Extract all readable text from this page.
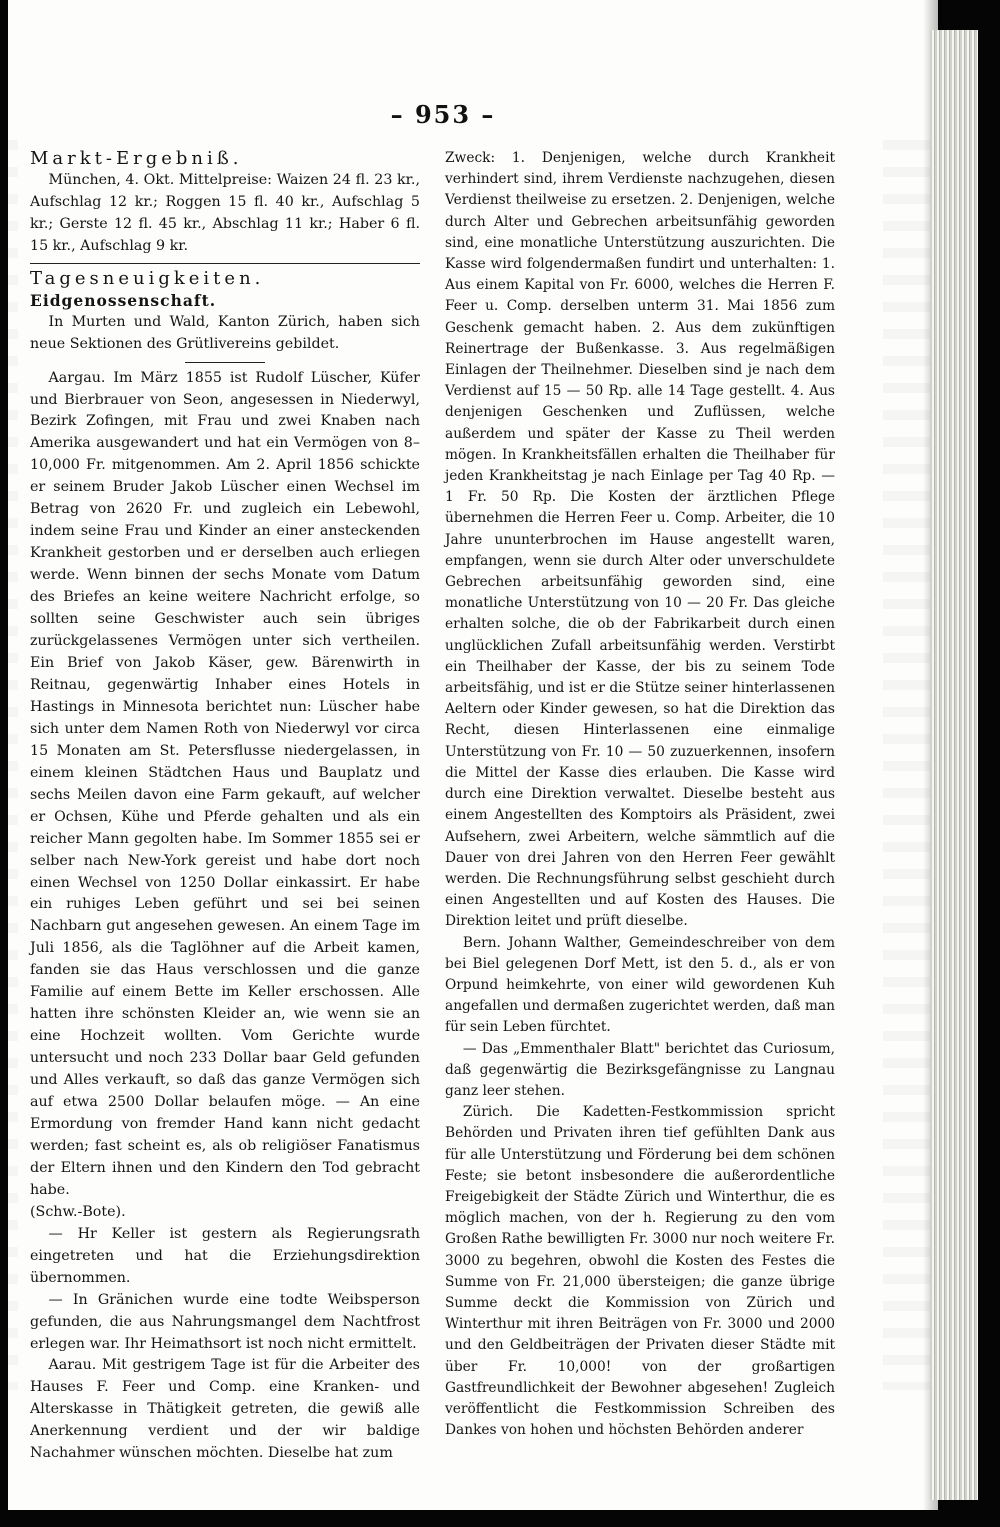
– 953 –

Markt-Ergebniß.

München, 4. Okt. Mittelpreise: Waizen 24 fl. 23 kr., Aufschlag 12 kr.; Roggen 15 fl. 40 kr., Aufschlag 5 kr.; Gerste 12 fl. 45 kr., Abschlag 11 kr.; Haber 6 fl. 15 kr., Aufschlag 9 kr.

Tagesneuigkeiten.

Eidgenossenschaft.

In Murten und Wald, Kanton Zürich, haben sich neue Sektionen des Grütlivereins gebildet.

Aargau. Im März 1855 ist Rudolf Lüscher, Küfer und Bierbrauer von Seon, angesessen in Niederwyl, Bezirk Zofingen, mit Frau und zwei Knaben nach Amerika ausgewandert und hat ein Vermögen von 8–10,000 Fr. mitgenommen. Am 2. April 1856 schickte er seinem Bruder Jakob Lüscher einen Wechsel im Betrag von 2620 Fr. und zugleich ein Lebewohl, indem seine Frau und Kinder an einer ansteckenden Krankheit gestorben und er derselben auch erliegen werde. Wenn binnen der sechs Monate vom Datum des Briefes an keine weitere Nachricht erfolge, so sollten seine Geschwister auch sein übriges zurückgelassenes Vermögen unter sich vertheilen. Ein Brief von Jakob Käser, gew. Bärenwirth in Reitnau, gegenwärtig Inhaber eines Hotels in Hastings in Minnesota berichtet nun: Lüscher habe sich unter dem Namen Roth von Niederwyl vor circa 15 Monaten am St. Petersflusse niedergelassen, in einem kleinen Städtchen Haus und Bauplatz und sechs Meilen davon eine Farm gekauft, auf welcher er Ochsen, Kühe und Pferde gehalten und als ein reicher Mann gegolten habe. Im Sommer 1855 sei er selber nach New-York gereist und habe dort noch einen Wechsel von 1250 Dollar einkassirt. Er habe ein ruhiges Leben geführt und sei bei seinen Nachbarn gut angesehen gewesen. An einem Tage im Juli 1856, als die Taglöhner auf die Arbeit kamen, fanden sie das Haus verschlossen und die ganze Familie auf einem Bette im Keller erschossen. Alle hatten ihre schönsten Kleider an, wie wenn sie an eine Hochzeit wollten. Vom Gerichte wurde untersucht und noch 233 Dollar baar Geld gefunden und Alles verkauft, so daß das ganze Vermögen sich auf etwa 2500 Dollar belaufen möge. — An eine Ermordung von fremder Hand kann nicht gedacht werden; fast scheint es, als ob religiöser Fanatismus der Eltern ihnen und den Kindern den Tod gebracht habe.

(Schw.-Bote).

— Hr Keller ist gestern als Regierungsrath eingetreten und hat die Erziehungsdirektion übernommen.

— In Gränichen wurde eine todte Weibsperson gefunden, die aus Nahrungsmangel dem Nachtfrost erlegen war. Ihr Heimathsort ist noch nicht ermittelt.

Aarau. Mit gestrigem Tage ist für die Arbeiter des Hauses F. Feer und Comp. eine Kranken- und Alterskasse in Thätigkeit getreten, die gewiß alle Anerkennung verdient und der wir baldige Nachahmer wünschen möchten. Dieselbe hat zum

Zweck: 1. Denjenigen, welche durch Krankheit verhindert sind, ihrem Verdienste nachzugehen, diesen Verdienst theilweise zu ersetzen. 2. Denjenigen, welche durch Alter und Gebrechen arbeitsunfähig geworden sind, eine monatliche Unterstützung auszurichten. Die Kasse wird folgendermaßen fundirt und unterhalten: 1. Aus einem Kapital von Fr. 6000, welches die Herren F. Feer u. Comp. derselben unterm 31. Mai 1856 zum Geschenk gemacht haben. 2. Aus dem zukünftigen Reinertrage der Bußenkasse. 3. Aus regelmäßigen Einlagen der Theilnehmer. Dieselben sind je nach dem Verdienst auf 15 — 50 Rp. alle 14 Tage gestellt. 4. Aus denjenigen Geschenken und Zuflüssen, welche außerdem und später der Kasse zu Theil werden mögen. In Krankheitsfällen erhalten die Theilhaber für jeden Krankheitstag je nach Einlage per Tag 40 Rp. — 1 Fr. 50 Rp. Die Kosten der ärztlichen Pflege übernehmen die Herren Feer u. Comp. Arbeiter, die 10 Jahre ununterbrochen im Hause angestellt waren, empfangen, wenn sie durch Alter oder unverschuldete Gebrechen arbeitsunfähig geworden sind, eine monatliche Unterstützung von 10 — 20 Fr. Das gleiche erhalten solche, die ob der Fabrikarbeit durch einen unglücklichen Zufall arbeitsunfähig werden. Verstirbt ein Theilhaber der Kasse, der bis zu seinem Tode arbeitsfähig, und ist er die Stütze seiner hinterlassenen Aeltern oder Kinder gewesen, so hat die Direktion das Recht, diesen Hinterlassenen eine einmalige Unterstützung von Fr. 10 — 50 zuzuerkennen, insofern die Mittel der Kasse dies erlauben. Die Kasse wird durch eine Direktion verwaltet. Dieselbe besteht aus einem Angestellten des Komptoirs als Präsident, zwei Aufsehern, zwei Arbeitern, welche sämmtlich auf die Dauer von drei Jahren von den Herren Feer gewählt werden. Die Rechnungsführung selbst geschieht durch einen Angestellten und auf Kosten des Hauses. Die Direktion leitet und prüft dieselbe.

Bern. Johann Walther, Gemeindeschreiber von dem bei Biel gelegenen Dorf Mett, ist den 5. d., als er von Orpund heimkehrte, von einer wild gewordenen Kuh angefallen und dermaßen zugerichtet werden, daß man für sein Leben fürchtet.

— Das „Emmenthaler Blatt" berichtet das Curiosum, daß gegenwärtig die Bezirksgefängnisse zu Langnau ganz leer stehen.

Zürich. Die Kadetten-Festkommission spricht Behörden und Privaten ihren tief gefühlten Dank aus für alle Unterstützung und Förderung bei dem schönen Feste; sie betont insbesondere die außerordentliche Freigebigkeit der Städte Zürich und Winterthur, die es möglich machen, von der h. Regierung zu den vom Großen Rathe bewilligten Fr. 3000 nur noch weitere Fr. 3000 zu begehren, obwohl die Kosten des Festes die Summe von Fr. 21,000 übersteigen; die ganze übrige Summe deckt die Kommission von Zürich und Winterthur mit ihren Beiträgen von Fr. 3000 und 2000 und den Geldbeiträgen der Privaten dieser Städte mit über Fr. 10,000! von der großartigen Gastfreundlichkeit der Bewohner abgesehen! Zugleich veröffentlicht die Festkommission Schreiben des Dankes von hohen und höchsten Behörden anderer
